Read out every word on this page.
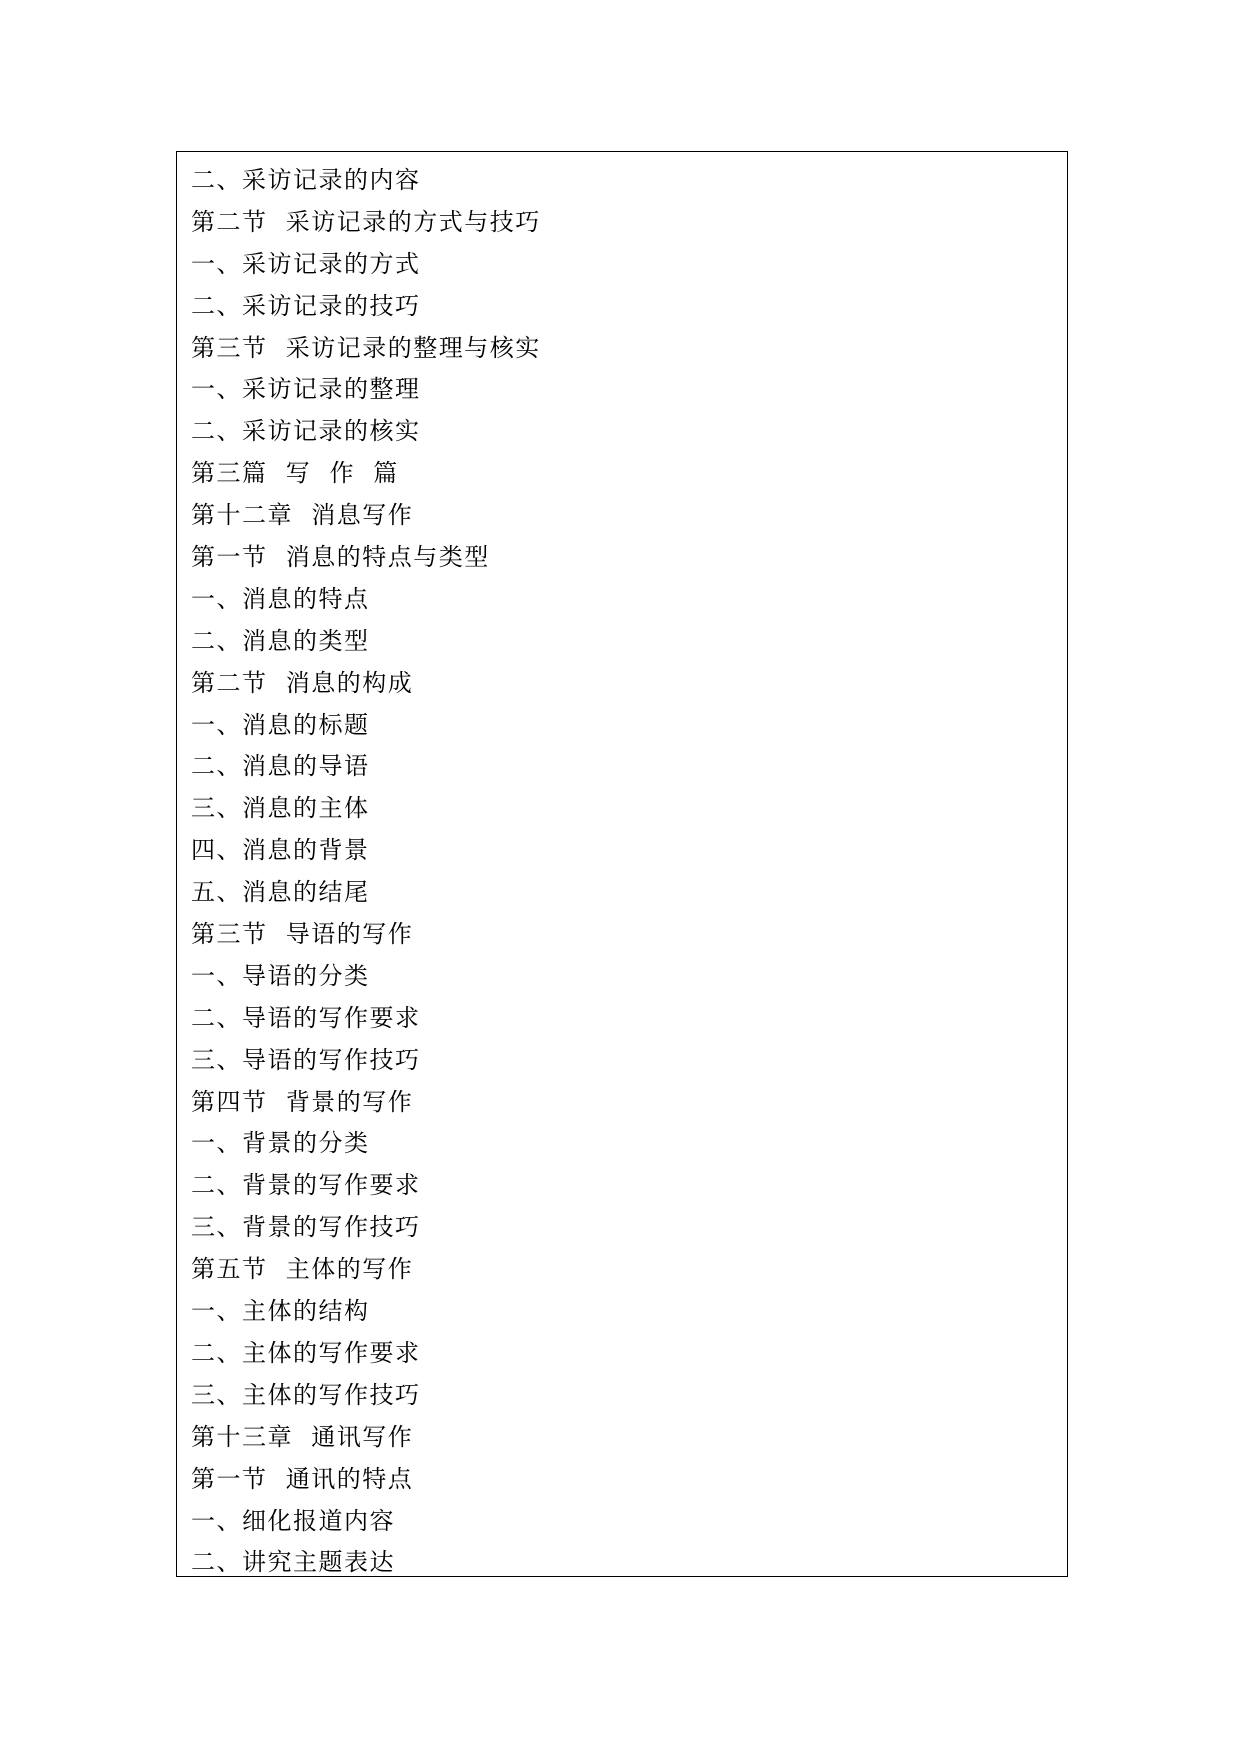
二、采访记录的内容
第二节  采访记录的方式与技巧
一、采访记录的方式
二、采访记录的技巧
第三节  采访记录的整理与核实
一、采访记录的整理
二、采访记录的核实
第三篇  写  作  篇
第十二章  消息写作
第一节  消息的特点与类型
一、消息的特点
二、消息的类型
第二节  消息的构成
一、消息的标题
二、消息的导语
三、消息的主体
四、消息的背景
五、消息的结尾
第三节  导语的写作
一、导语的分类
二、导语的写作要求
三、导语的写作技巧
第四节  背景的写作
一、背景的分类
二、背景的写作要求
三、背景的写作技巧
第五节  主体的写作
一、主体的结构
二、主体的写作要求
三、主体的写作技巧
第十三章  通讯写作
第一节  通讯的特点
一、细化报道内容
二、讲究主题表达
